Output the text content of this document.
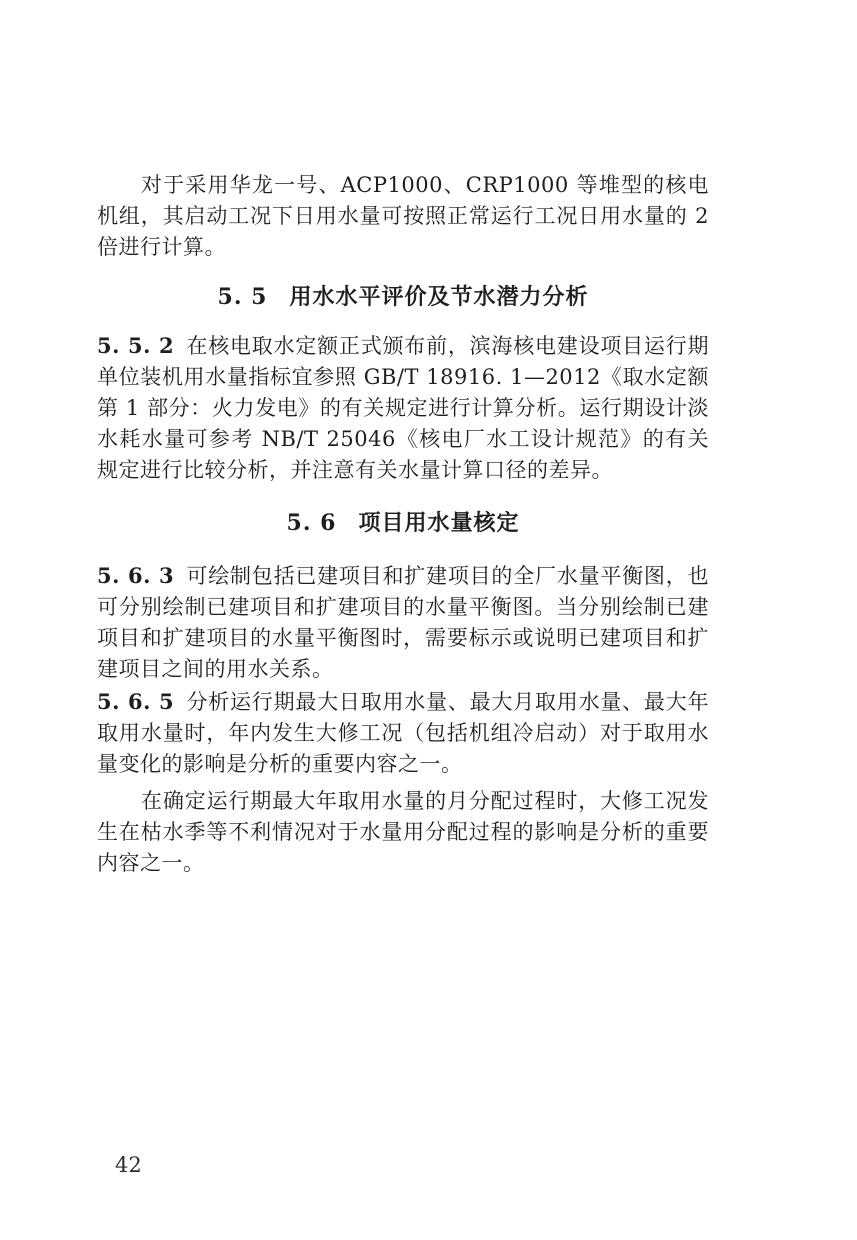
对于采用华龙一号、ACP1000、CRP1000 等堆型的核电机组，其启动工况下日用水量可按照正常运行工况日用水量的 2 倍进行计算。

5. 5 用水水平评价及节水潜力分析

5. 5. 2 在核电取水定额正式颁布前，滨海核电建设项目运行期单位装机用水量指标宜参照 GB/T 18916. 1—2012《取水定额 第 1 部分：火力发电》的有关规定进行计算分析。运行期设计淡水耗水量可参考 NB/T 25046《核电厂水工设计规范》的有关规定进行比较分析，并注意有关水量计算口径的差异。

5. 6 项目用水量核定

5. 6. 3 可绘制包括已建项目和扩建项目的全厂水量平衡图，也可分别绘制已建项目和扩建项目的水量平衡图。当分别绘制已建项目和扩建项目的水量平衡图时，需要标示或说明已建项目和扩建项目之间的用水关系。

5. 6. 5 分析运行期最大日取用水量、最大月取用水量、最大年取用水量时，年内发生大修工况（包括机组冷启动）对于取用水量变化的影响是分析的重要内容之一。

在确定运行期最大年取用水量的月分配过程时，大修工况发生在枯水季等不利情况对于水量用分配过程的影响是分析的重要内容之一。

42
